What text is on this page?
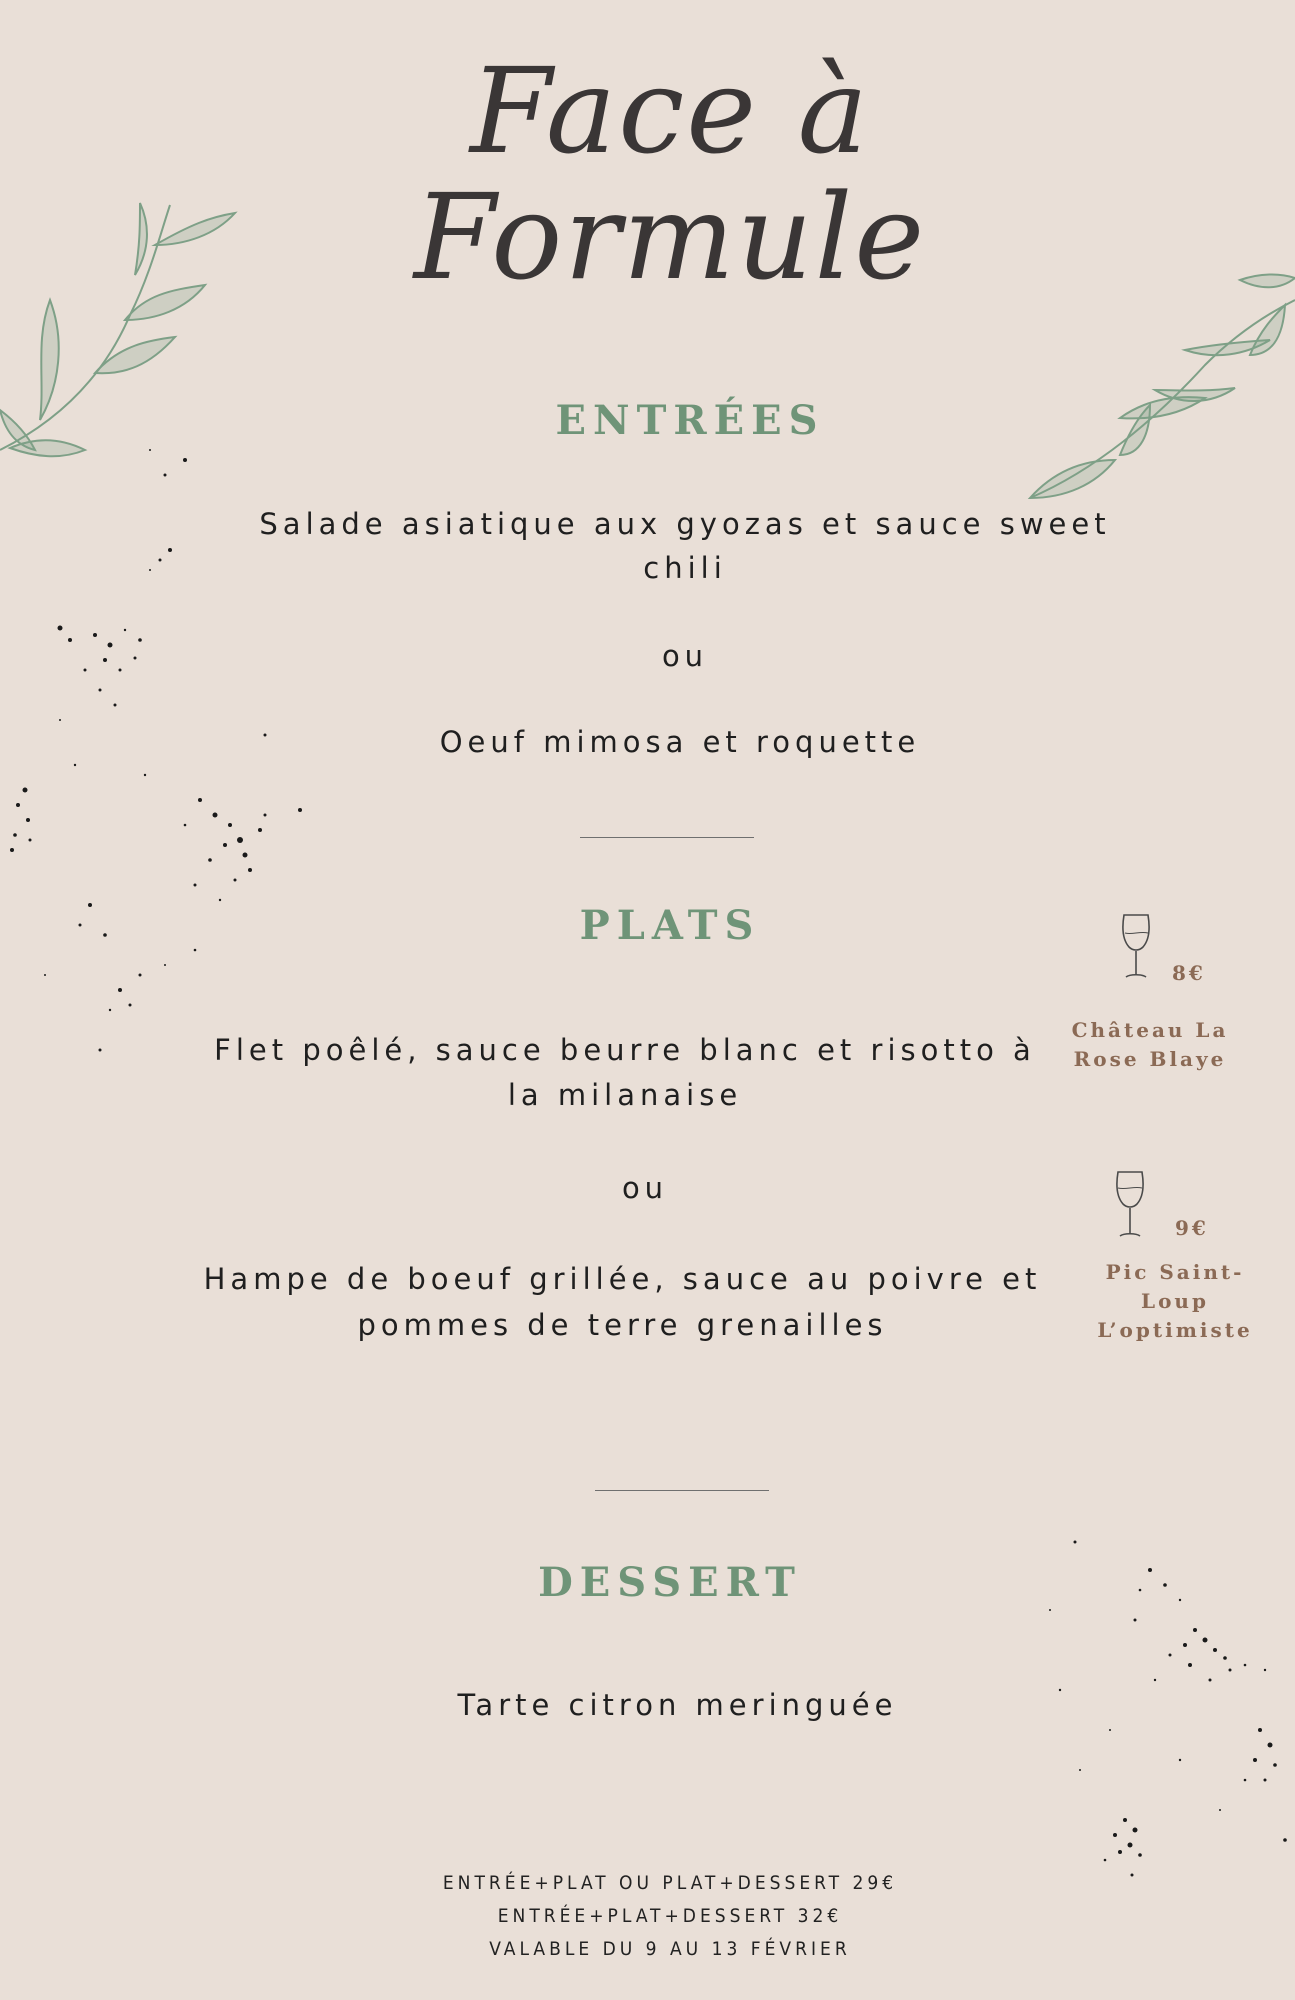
Face à
Formule
ENTRÉES
Salade asiatique aux gyozas et sauce sweet
chili
ou
Oeuf mimosa et roquette
PLATS
Flet poêlé, sauce beurre blanc et risotto à
la milanaise
ou
Hampe de boeuf grillée, sauce au poivre et
pommes de terre grenailles
8€
Château La
Rose Blaye
9€
Pic Saint-
Loup
L’optimiste
DESSERT
Tarte citron meringuée
ENTRÉE+PLAT OU PLAT+DESSERT 29€
ENTRÉE+PLAT+DESSERT 32€
VALABLE DU 9 AU 13 FÉVRIER
